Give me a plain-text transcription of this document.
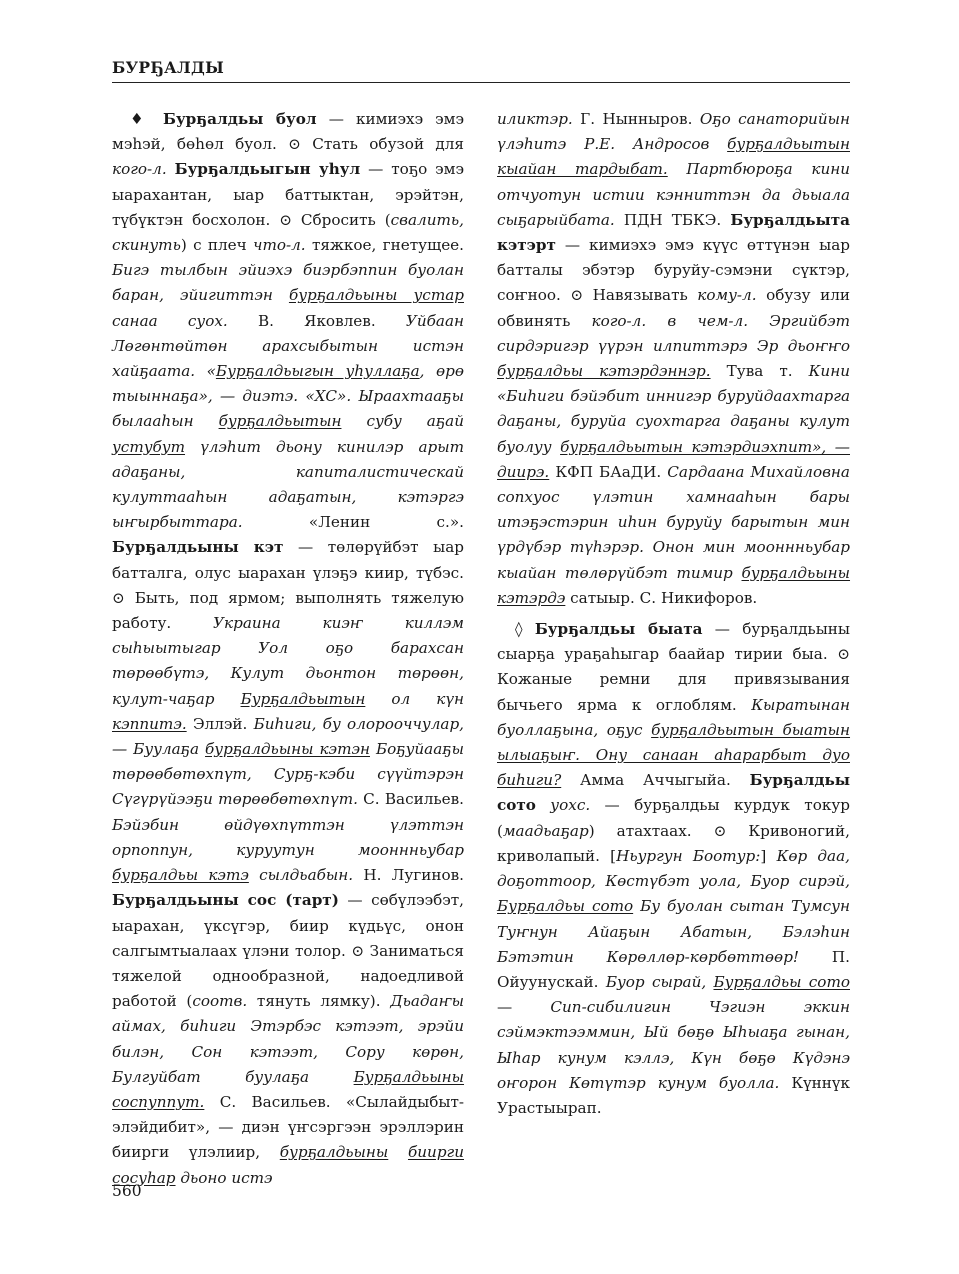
БУРҔАЛДЫ

♦ Бурҕалдьы буол — кимиэхэ эмэ мэһэй, бөһөл буол. ⊙ Стать обузой для кого-л. Бурҕалдьыгын уһул — тоҕо эмэ ыарахантан, ыар баттыктан, эрэйтэн, түбүктэн босхолон. ⊙ Сбросить (свалить, скинуть) с плеч что-л. тяжкое, гнетущее. Бигэ тылбын эйиэхэ биэрбэппин буолан баран, эйигиттэн бурҕалдьыны устар санаа суох. В. Яковлев. Уйбаан Лөгөнтөйтөн арахсыбытын истэн хайҕаата. «Бурҕалдьыгын уһуллаҕа, өрө тыыннаҕа», — диэтэ. «ХС». Ыраахтааҕы былааһын бурҕалдьытын субу аҕай устубут үлэһит дьону кинилэр арыт адаҕаны, капиталистическай кулуттааһын адаҕатын, кэтэргэ ыҥырбыттара. «Ленин с.». Бурҕалдьыны кэт — төлөрүйбэт ыар батталга, олус ыарахан үлэҕэ киир, түбэс. ⊙ Быть, под ярмом; выполнять тяжелую работу. Украина киэҥ киллэм сыһыытыгар Уол оҕо барахсан төрөөбүтэ, Кулут дьонтон төрөөн, кулут-чаҕар Бурҕалдьытын ол күн кэппитэ. Эллэй. Биһиги, бу олорооччулар, — Буулаҕа бурҕалдьыны кэтэн Боҕуйааҕы төрөөбөтөхпүт, Сурҕ-кэби сүүйтэрэн Сүгүрүйээҕи төрөөбөтөхпүт. С. Васильев. Бэйэбин өйдүөхпүттэн үлэттэн орпоппун, куруутун мооннньубар бурҕалдьы кэтэ сылдьабын. Н. Лугинов. Бурҕалдьыны сос (тарт) — сөбүлээбэт, ыарахан, үксүгэр, биир күдьүс, онон салгымтыалаах үлэни толор. ⊙ Заниматься тяжелой однообразной, надоедливой работой (соотв. тянуть лямку). Дьадаҥы аймах, биһиги Этэрбэс кэтээт, эрэйи билэн, Сон кэтээт, Сору көрөн, Булгуйбат буулаҕа	Бурҕалдьыны соспуппут. С. Васильев. «Сылайдыбыт-элэйдибит», — диэн үҥсэргээн эрэллэрин биирги үлэлиир, бурҕалдьыны биирги сосуһар дьоно истэ

иликтэр. Г. Нынныров. Оҕо санаторийын үлэһитэ Р.Е. Андросов бурҕалдьытын кыайан тардыбат. Партбюроҕа кини отчуотун истии кэнниттэн да дьыала сыҕарыйбата. ПДН ТБКЭ. Бурҕалдьыта кэтэрт — кимиэхэ эмэ күүс өттүнэн ыар батталы эбэтэр буруйу-сэмэни сүктэр, соҥноо. ⊙ Навязывать кому-л. обузу или обвинять кого-л. в чем-л. Эргийбэт сирдэригэр үүрэн илпиттэрэ Эр дьоҥҥо бурҕалдьы кэтэрдэннэр. Тува т. Кини «Биһиги бэйэбит иннигэр буруйдаахтарга даҕаны, буруйа суохтарга даҕаны кулут буолуу бурҕалдьытын кэтэрдиэхпит», — диирэ. КФП БАаДИ. Сардаана Михайловна сопхуос үлэтин хамнааһын бары итэҕэстэрин иһин буруйу барытын мин үрдүбэр түһэрэр. Онон мин мооннньубар кыайан төлөрүйбэт тимир бурҕалдьыны кэтэрдэ сатыыр. С. Никифоров.

◊ Бурҕалдьы быата — бурҕалдьыны сыарҕа ураҕаһыгар баайар тирии быа. ⊙ Кожаные ремни для привязывания бычьего ярма к оглоблям. Кыратынан буоллаҕына, оҕус бурҕалдьытын быатын ылыаҕыҥ. Ону санаан аһарарбыт дуо биһиги? Амма Аччыгыйа. Бурҕалдьы сото уохс. — бурҕалдьы курдук токур (маадьаҕар) атахтаах. ⊙ Кривоногий, криволапый. [Ньургун Боотур:] Көр даа, доҕоттоор, Көстүбэт уола, Буор сирэй, Бурҕалдьы сото Бу буолан сытан Тумсун Туҥнун Айаҕын Абатын, Бэлэһин Бэтэтин Көрөллөр-көрбөттөөр! П. Ойуунускай. Буор сырай, Бурҕалдьы сото — Сип-сибилигин Чэгиэн эккин сэймэктээммин, Ый бөҕө Ыһыаҕа гынан, Ыһар кунум кэллэ, Күн бөҕө Күдэнэ оҥорон Көтүтэр кунум буолла. Күннүк Урастыырап.

560
